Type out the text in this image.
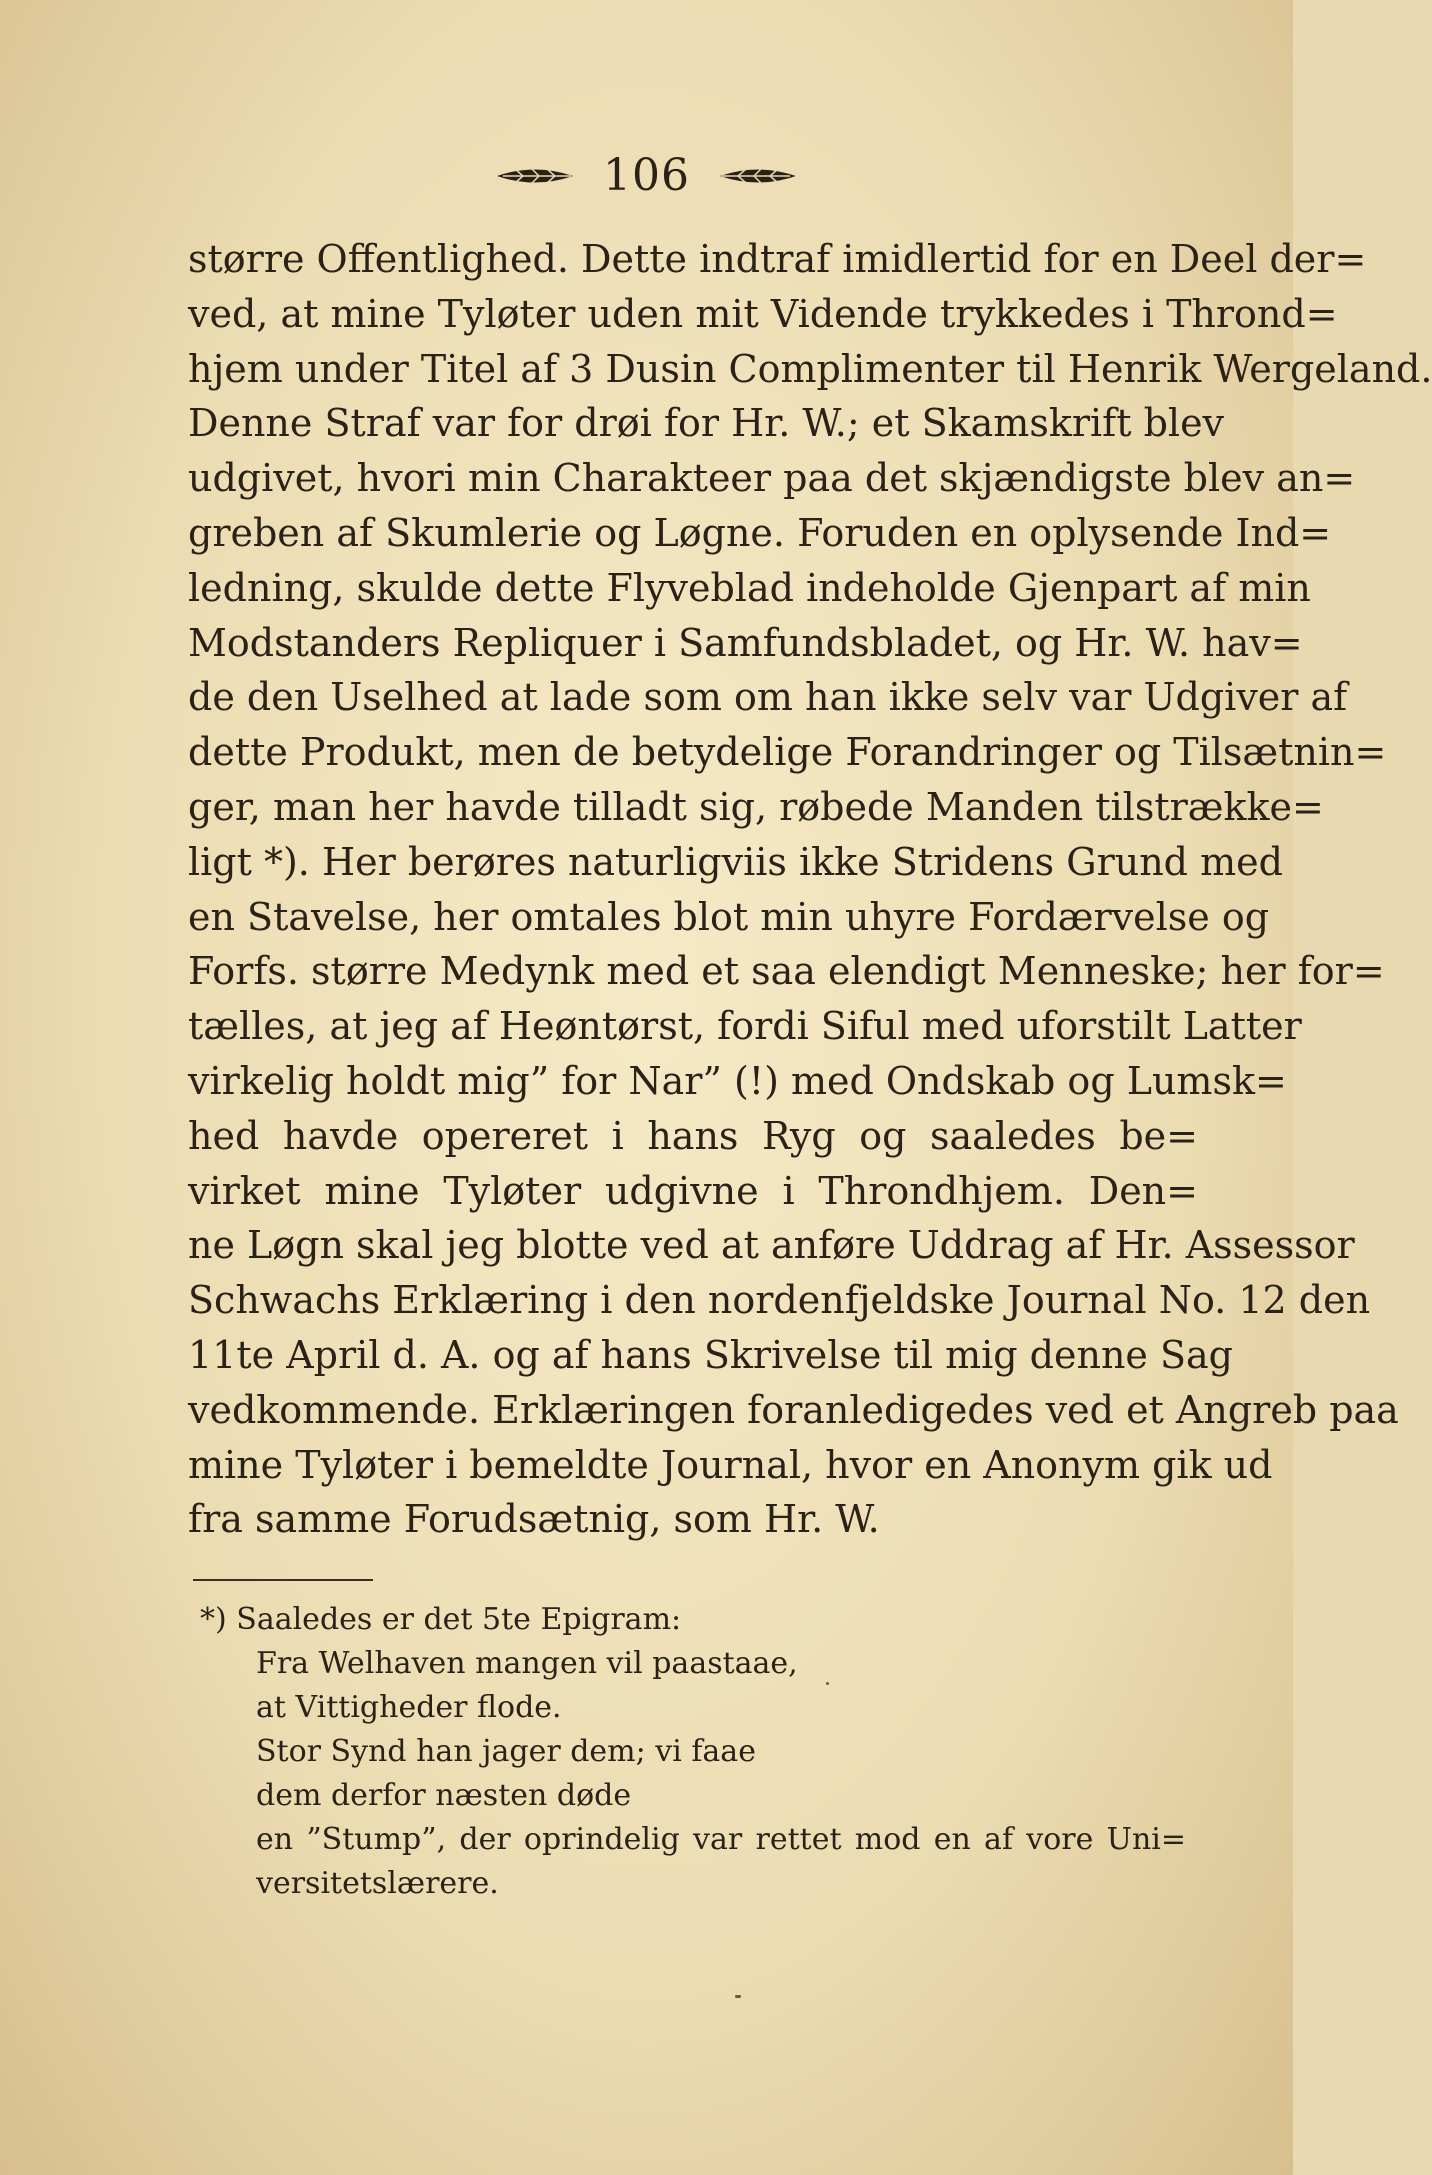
106
større Offentlighed. Dette indtraf imidlertid for en Deel der=
ved, at mine Tyløter uden mit Vidende trykkedes i Thrond=
hjem under Titel af 3 Dusin Complimenter til Henrik Wergeland.
Denne Straf var for drøi for Hr. W.; et Skamskrift blev
udgivet, hvori min Charakteer paa det skjændigste blev an=
greben af Skumlerie og Løgne. Foruden en oplysende Ind=
ledning, skulde dette Flyveblad indeholde Gjenpart af min
Modstanders Repliquer i Samfundsbladet, og Hr. W. hav=
de den Uselhed at lade som om han ikke selv var Udgiver af
dette Produkt, men de betydelige Forandringer og Tilsætnin=
ger, man her havde tilladt sig, røbede Manden tilstrække=
ligt *). Her berøres naturligviis ikke Stridens Grund med
en Stavelse, her omtales blot min uhyre Fordærvelse og
Forfs. større Medynk med et saa elendigt Menneske; her for=
tælles, at jeg af Heøntørst, fordi Siful med uforstilt Latter
virkelig holdt mig” for Nar” (!) med Ondskab og Lumsk=
hed havde opereret i hans Ryg og saaledes be=
virket mine Tyløter udgivne i Throndhjem. Den=
ne Løgn skal jeg blotte ved at anføre Uddrag af Hr. Assessor
Schwachs Erklæring i den nordenfjeldske Journal No. 12 den
11te April d. A. og af hans Skrivelse til mig denne Sag
vedkommende. Erklæringen foranledigedes ved et Angreb paa
mine Tyløter i bemeldte Journal, hvor en Anonym gik ud
fra samme Forudsætnig, som Hr. W.
*) Saaledes er det 5te Epigram:
Fra Welhaven mangen vil paastaae,
at Vittigheder flode.
Stor Synd han jager dem; vi faae
dem derfor næsten døde
en ”Stump”, der oprindelig var rettet mod en af vore Uni=
versitetslærere.
